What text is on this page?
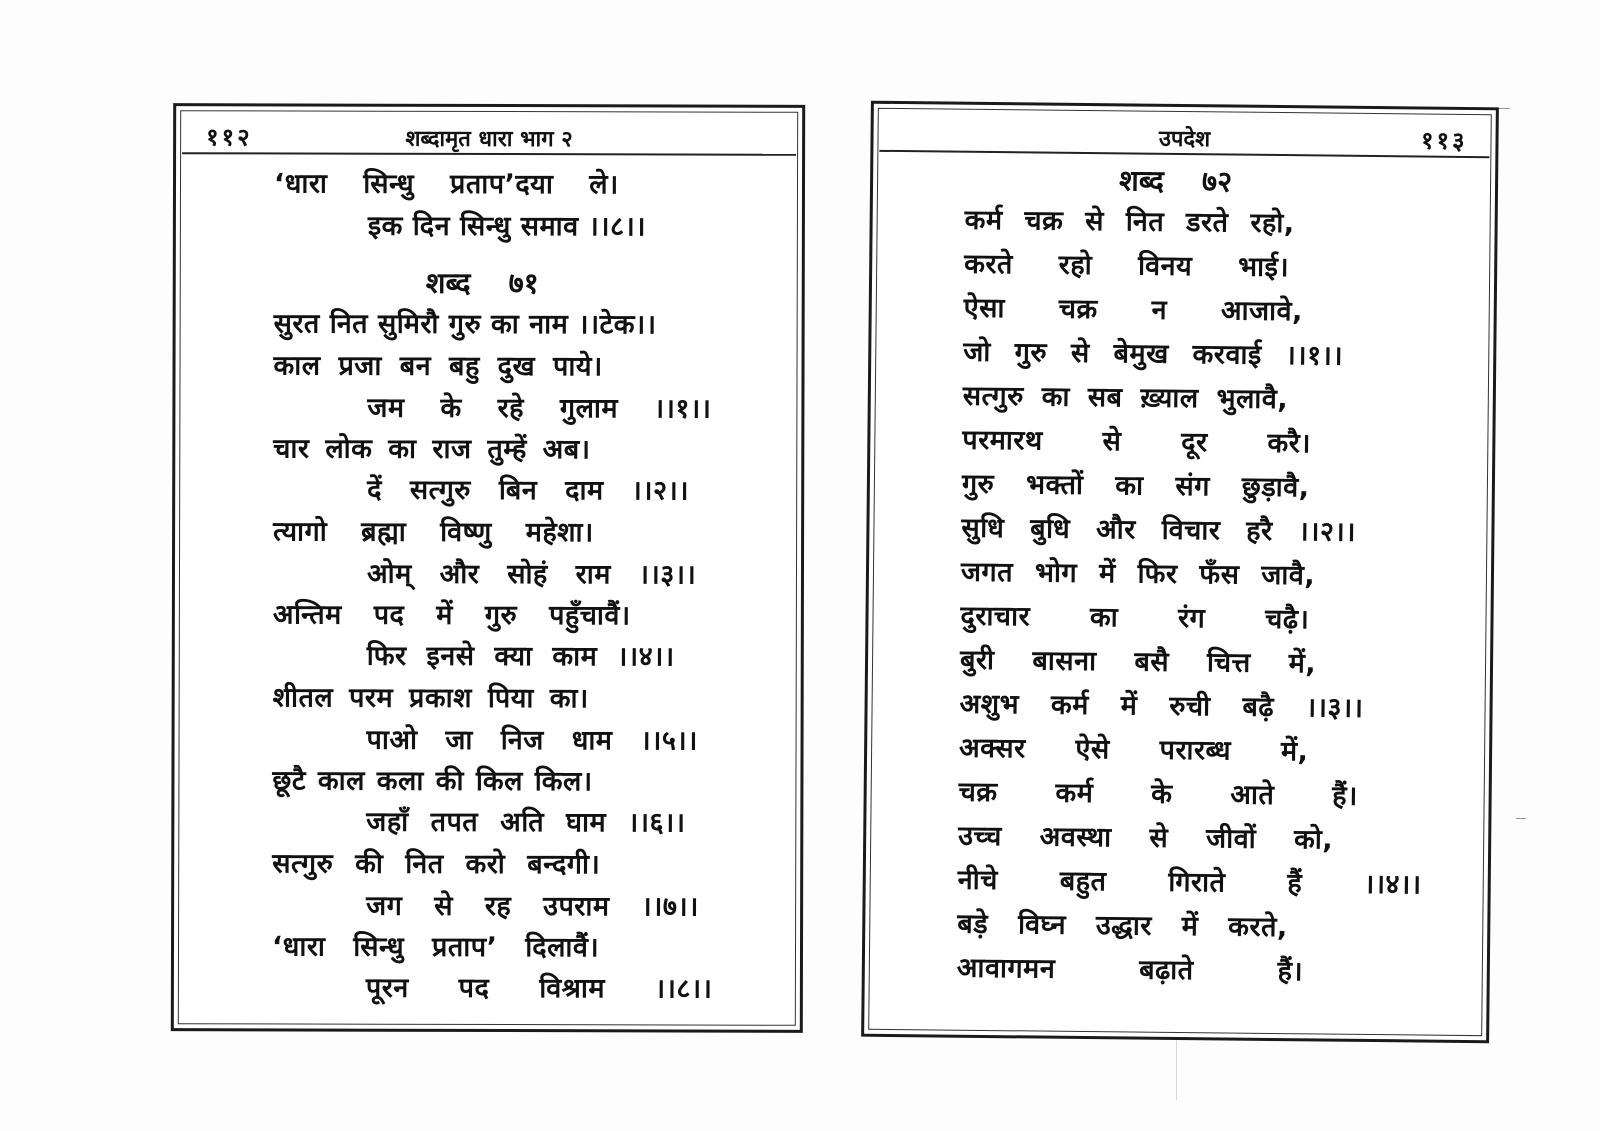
११२	शब्दामृत धारा भाग २
‘धारा सिन्धु प्रताप’दया ले।
इक दिन सिन्धु समाव ।।८।।
शब्द ७१
सुरत नित सुमिरौ गुरु का नाम ।।टेक।।
काल प्रजा बन बहु दुख पाये।
जम के रहे गुलाम ।।१।।
चार लोक का राज तुम्हें अब।
दें सत्गुरु बिन दाम ।।२।।
त्यागो ब्रह्मा विष्णु महेशा।
ओम् और सोहं राम ।।३।।
अन्तिम पद में गुरु पहुँचावैं।
फिर इनसे क्या काम ।।४।।
शीतल परम प्रकाश पिया का।
पाओ जा निज धाम ।।५।।
छूटै काल कला की किल किल।
जहाँ तपत अति घाम ।।६।।
सत्गुरु की नित करो बन्दगी।
जग से रह उपराम ।।७।।
‘धारा सिन्धु प्रताप’ दिलावैं।
पूरन पद विश्राम ।।८।।
उपदेश	११३
शब्द ७२
कर्म चक्र से नित डरते रहो,
करते रहो विनय भाई।
ऐसा चक्र न आजावे,
जो गुरु से बेमुख करवाई ।।१।।
सत्गुरु का सब ख़्याल भुलावै,
परमारथ से दूर करै।
गुरु भक्तों का संग छुड़ावै,
सुधि बुधि और विचार हरै ।।२।।
जगत भोग में फिर फँस जावै,
दुराचार का रंग चढ़ै।
बुरी बासना बसै चित्त में,
अशुभ कर्म में रुची बढ़ै ।।३।।
अक्सर ऐसे परारब्ध में,
चक्र कर्म के आते हैं।
उच्च अवस्था से जीवों को,
नीचे बहुत गिराते हैं ।।४।।
बड़े विघ्न उद्धार में करते,
आवागमन बढ़ाते हैं।
